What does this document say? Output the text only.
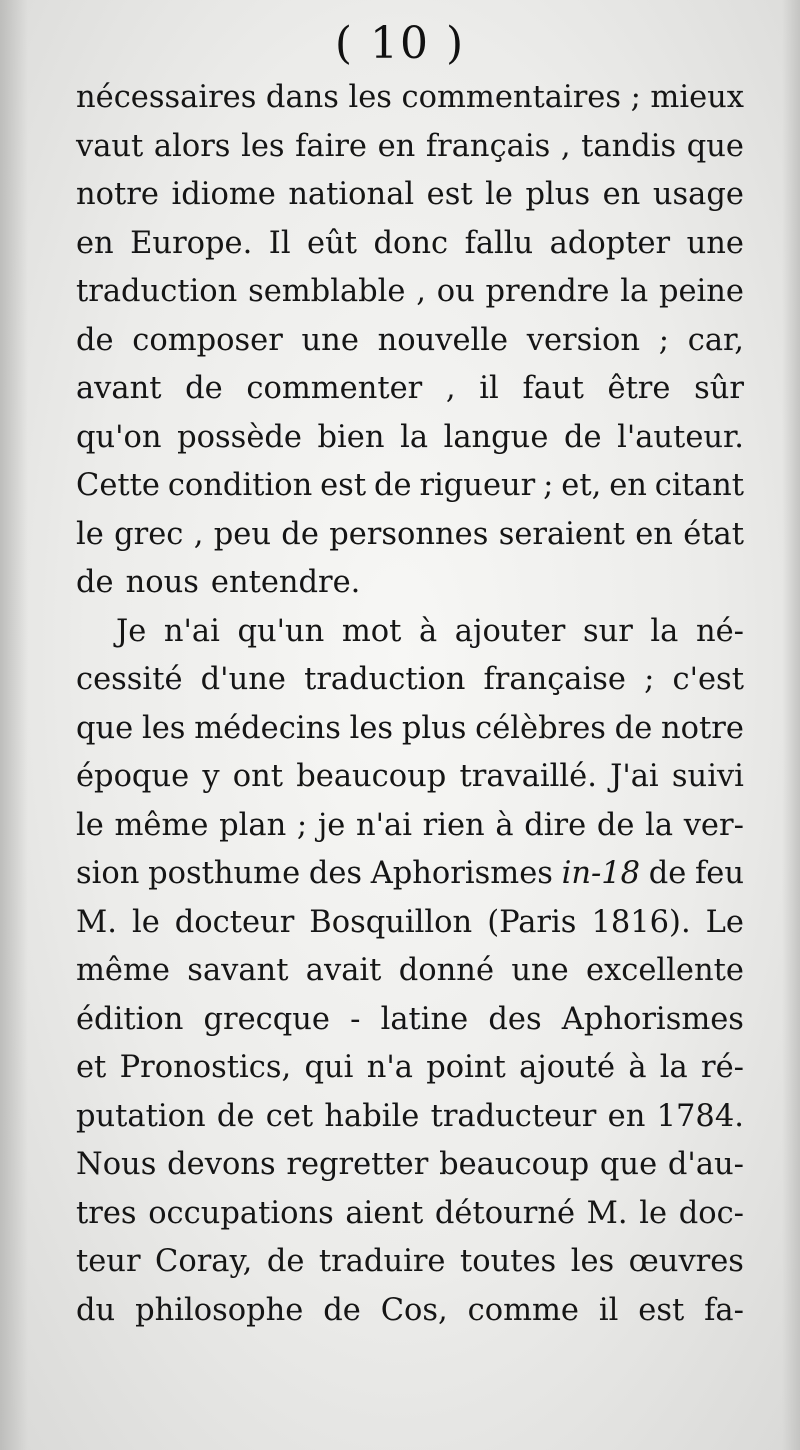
( 10 )
nécessaires dans les commentaires ; mieux
vaut alors les faire en français , tandis que
notre idiome national est le plus en usage
en Europe. Il eût donc fallu adopter une
traduction semblable , ou prendre la peine
de composer une nouvelle version ; car,
avant de commenter , il faut être sûr
qu'on possède bien la langue de l'auteur.
Cette condition est de rigueur ; et, en citant
le grec , peu de personnes seraient en état
de nous entendre.
Je n'ai qu'un mot à ajouter sur la né-
cessité d'une traduction française ; c'est
que les médecins les plus célèbres de notre
époque y ont beaucoup travaillé. J'ai suivi
le même plan ; je n'ai rien à dire de la ver-
sion posthume des Aphorismes in-18 de feu
M. le docteur Bosquillon (Paris 1816). Le
même savant avait donné une excellente
édition grecque - latine des Aphorismes
et Pronostics, qui n'a point ajouté à la ré-
putation de cet habile traducteur en 1784.
Nous devons regretter beaucoup que d'au-
tres occupations aient détourné M. le doc-
teur Coray, de traduire toutes les œuvres
du philosophe de Cos, comme il est fa-
